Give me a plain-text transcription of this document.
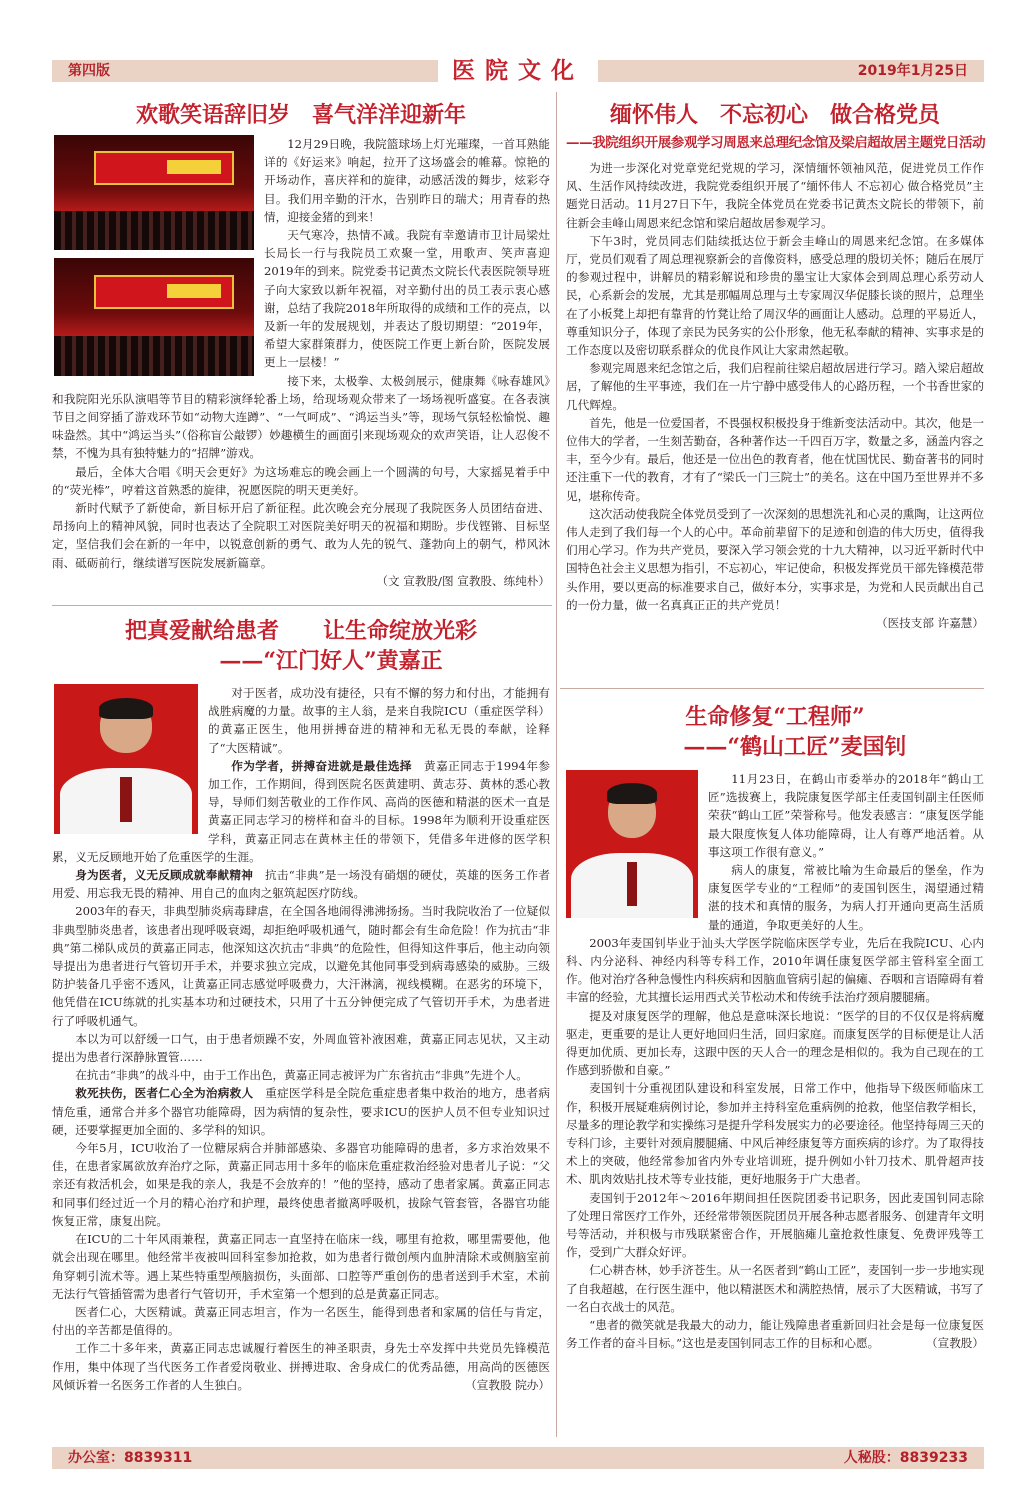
第四版	2019年1月25日
医院文化
欢歌笑语辞旧岁　喜气洋洋迎新年

12月29日晚，我院篮球场上灯光璀璨，一首耳熟能详的《好运来》响起，拉开了这场盛会的帷幕。惊艳的开场动作，喜庆祥和的旋律，动感活泼的舞步，炫彩夺目。我们用辛勤的汗水，告别昨日的瑞犬；用青春的热情，迎接金猪的到来！

天气寒冷，热情不减。我院有幸邀请市卫计局梁灶长局长一行与我院员工欢聚一堂，用歌声、笑声喜迎2019年的到来。院党委书记黄杰文院长代表医院领导班子向大家致以新年祝福，对辛勤付出的员工表示衷心感谢，总结了我院2018年所取得的成绩和工作的亮点，以及新一年的发展规划，并表达了殷切期望：“2019年，希望大家群策群力，使医院工作更上新台阶，医院发展更上一层楼！”

接下来，太极拳、太极剑展示，健康舞《咏春雄风》和我院阳光乐队演唱等节目的精彩演绎轮番上场，给现场观众带来了一场场视听盛宴。在各表演节目之间穿插了游戏环节如“动物大连蹲”、“一气呵成”、“鸿运当头”等，现场气氛轻松愉悦、趣味盎然。其中“鸿运当头”（俗称盲公敲锣）妙趣横生的画面引来现场观众的欢声笑语，让人忍俊不禁，不愧为具有独特魅力的“招牌”游戏。

最后，全体大合唱《明天会更好》为这场难忘的晚会画上一个圆满的句号，大家摇晃着手中的“荧光棒”，哼着这首熟悉的旋律，祝愿医院的明天更美好。

新时代赋予了新使命，新目标开启了新征程。此次晚会充分展现了我院医务人员团结奋进、昂扬向上的精神风貌，同时也表达了全院职工对医院美好明天的祝福和期盼。步伐铿锵、目标坚定，坚信我们会在新的一年中，以锐意创新的勇气、敢为人先的锐气、蓬勃向上的朝气，栉风沐雨、砥砺前行，继续谱写医院发展新篇章。

（文 宣教股/图 宣教股、练纯朴）
把真爱献给患者　　让生命绽放光彩
——“江门好人”黄嘉正

对于医者，成功没有捷径，只有不懈的努力和付出，才能拥有战胜病魔的力量。故事的主人翁，是来自我院ICU（重症医学科）的黄嘉正医生，他用拼搏奋进的精神和无私无畏的奉献，诠释了“大医精诚”。

作为学者，拼搏奋进就是最佳选择　 黄嘉正同志于1994年参加工作，工作期间，得到医院名医黄建明、黄志芬、黄林的悉心教导，导师们刻苦敬业的工作作风、高尚的医德和精湛的医术一直是黄嘉正同志学习的榜样和奋斗的目标。1998年为顺利开设重症医学科，黄嘉正同志在黄林主任的带领下，凭借多年进修的医学积累，义无反顾地开始了危重医学的生涯。

身为医者，义无反顾成就奉献精神　 抗击“非典”是一场没有硝烟的硬仗，英雄的医务工作者用爱、用忘我无畏的精神、用自己的血肉之躯筑起医疗防线。

2003年的春天，非典型肺炎病毒肆虐，在全国各地闹得沸沸扬扬。当时我院收治了一位疑似非典型肺炎患者，该患者出现呼吸衰竭，却拒绝呼吸机通气，随时都会有生命危险！作为抗击“非典”第二梯队成员的黄嘉正同志，他深知这次抗击“非典”的危险性，但得知这件事后，他主动向领导提出为患者进行气管切开手术，并要求独立完成，以避免其他同事受到病毒感染的威胁。三级防护装备几乎密不透风，让黄嘉正同志感觉呼吸费力，大汗淋漓，视线模糊。在恶劣的环境下，他凭借在ICU练就的扎实基本功和过硬技术，只用了十五分钟便完成了气管切开手术，为患者进行了呼吸机通气。

本以为可以舒缓一口气，由于患者烦躁不安，外周血管补液困难，黄嘉正同志见状，又主动提出为患者行深静脉置管……

在抗击“非典”的战斗中，由于工作出色，黄嘉正同志被评为广东省抗击“非典”先进个人。

救死扶伤，医者仁心全为治病救人　 重症医学科是全院危重症患者集中救治的地方，患者病情危重，通常合并多个器官功能障碍，因为病情的复杂性，要求ICU的医护人员不但专业知识过硬，还要掌握更加全面的、多学科的知识。

今年5月，ICU收治了一位糖尿病合并肺部感染、多器官功能障碍的患者，多方求治效果不佳，在患者家属欲放弃治疗之际，黄嘉正同志用十多年的临床危重症救治经验对患者儿子说：“父亲还有救活机会，如果是我的亲人，我是不会放弃的！”他的坚持，感动了患者家属。黄嘉正同志和同事们经过近一个月的精心治疗和护理，最终使患者撤离呼吸机，拔除气管套管，各器官功能恢复正常，康复出院。

在ICU的二十年风雨兼程，黄嘉正同志一直坚持在临床一线，哪里有抢救，哪里需要他，他就会出现在哪里。他经常半夜被叫回科室参加抢救，如为患者行微创颅内血肿清除术或侧脑室前角穿刺引流术等。遇上某些特重型颅脑损伤，头面部、口腔等严重创伤的患者送到手术室，术前无法行气管插管需为患者行气管切开，手术室第一个想到的总是黄嘉正同志。

医者仁心，大医精诚。黄嘉正同志坦言，作为一名医生，能得到患者和家属的信任与肯定，付出的辛苦都是值得的。

工作二十多年来，黄嘉正同志忠诚履行着医生的神圣职责，身先士卒发挥中共党员先锋模范作用，集中体现了当代医务工作者爱岗敬业、拼搏进取、舍身成仁的优秀品德，用高尚的医德医风倾诉着一名医务工作者的人生独白。	（宣教股 院办）

缅怀伟人　不忘初心　做合格党员
——我院组织开展参观学习周恩来总理纪念馆及梁启超故居主题党日活动

为进一步深化对党章党纪党规的学习，深情缅怀领袖风范，促进党员工作作风、生活作风持续改进，我院党委组织开展了“缅怀伟人 不忘初心 做合格党员”主题党日活动。11月27日下午，我院全体党员在党委书记黄杰文院长的带领下，前往新会圭峰山周恩来纪念馆和梁启超故居参观学习。

下午3时，党员同志们陆续抵达位于新会圭峰山的周恩来纪念馆。在多媒体厅，党员们观看了周总理视察新会的音像资料，感受总理的殷切关怀；随后在展厅的参观过程中，讲解员的精彩解说和珍贵的墨宝让大家体会到周总理心系劳动人民，心系新会的发展，尤其是那幅周总理与土专家周汉华促膝长谈的照片，总理坐在了小板凳上却把有靠背的竹凳让给了周汉华的画面让人感动。总理的平易近人，尊重知识分子，体现了亲民为民务实的公仆形象，他无私奉献的精神、实事求是的工作态度以及密切联系群众的优良作风让大家肃然起敬。

参观完周恩来纪念馆之后，我们启程前往梁启超故居进行学习。踏入梁启超故居，了解他的生平事迹，我们在一片宁静中感受伟人的心路历程，一个书香世家的几代辉煌。

首先，他是一位爱国者，不畏强权积极投身于维新变法活动中。其次，他是一位伟大的学者，一生刻苦勤奋，各种著作达一千四百万字，数量之多，涵盖内容之丰，至今少有。最后，他还是一位出色的教育者，他在忧国忧民、勤奋著书的同时还注重下一代的教育，才有了“梁氏一门三院士”的美名。这在中国乃至世界并不多见，堪称传奇。

这次活动使我院全体党员受到了一次深刻的思想洗礼和心灵的熏陶，让这两位伟人走到了我们每一个人的心中。革命前辈留下的足迹和创造的伟大历史，值得我们用心学习。作为共产党员，要深入学习领会党的十九大精神，以习近平新时代中国特色社会主义思想为指引，不忘初心，牢记使命，积极发挥党员干部先锋模范带头作用，要以更高的标准要求自己，做好本分，实事求是，为党和人民贡献出自己的一份力量，做一名真真正正的共产党员！

（医技支部 许嘉慧）
生命修复“工程师”
——“鹤山工匠”麦国钊

11月23日，在鹤山市委举办的2018年“鹤山工匠”选拔赛上，我院康复医学部主任麦国钊副主任医师荣获“鹤山工匠”荣誉称号。他发表感言：“康复医学能最大限度恢复人体功能障碍，让人有尊严地活着。从事这项工作很有意义。”

病人的康复，常被比喻为生命最后的堡垒，作为康复医学专业的“工程师”的麦国钊医生，渴望通过精湛的技术和真情的服务，为病人打开通向更高生活质量的通道，争取更美好的人生。

2003年麦国钊毕业于汕头大学医学院临床医学专业，先后在我院ICU、心内科、内分泌科、神经内科等专科工作，2010年调任康复医学部主管科室全面工作。他对治疗各种急慢性内科疾病和因脑血管病引起的偏瘫、吞咽和言语障碍有着丰富的经验，尤其擅长运用西式关节松动术和传统手法治疗颈肩腰腿痛。

提及对康复医学的理解，他总是意味深长地说：“医学的目的不仅仅是将病魔驱走，更重要的是让人更好地回归生活，回归家庭。而康复医学的目标便是让人活得更加优质、更加长寿，这跟中医的天人合一的理念是相似的。我为自己现在的工作感到骄傲和自豪。”

麦国钊十分重视团队建设和科室发展，日常工作中，他指导下级医师临床工作，积极开展疑难病例讨论，参加并主持科室危重病例的抢救，他坚信教学相长，尽量多的理论教学和实操练习是提升学科发展实力的必要途径。他坚持每周三天的专科门诊，主要针对颈肩腰腿痛、中风后神经康复等方面疾病的诊疗。为了取得技术上的突破，他经常参加省内外专业培训班，提升例如小针刀技术、肌骨超声技术、肌肉效贴扎技术等专业技能，更好地服务于广大患者。

麦国钊于2012年～2016年期间担任医院团委书记职务，因此麦国钊同志除了处理日常医疗工作外，还经常带领医院团员开展各种志愿者服务、创建青年文明号等活动，并积极与市残联紧密合作，开展脑瘫儿童抢救性康复、免费评残等工作，受到广大群众好评。

仁心耕杏林，妙手济苍生。从一名医者到“鹤山工匠”，麦国钊一步一步地实现了自我超越，在行医生涯中，他以精湛医术和满腔热情，展示了大医精诚，书写了一名白衣战士的风范。

“患者的微笑就是我最大的动力，能让残障患者重新回归社会是每一位康复医务工作者的奋斗目标。”这也是麦国钊同志工作的目标和心愿。	（宣教股）

办公室：8839311	人秘股：8839233
